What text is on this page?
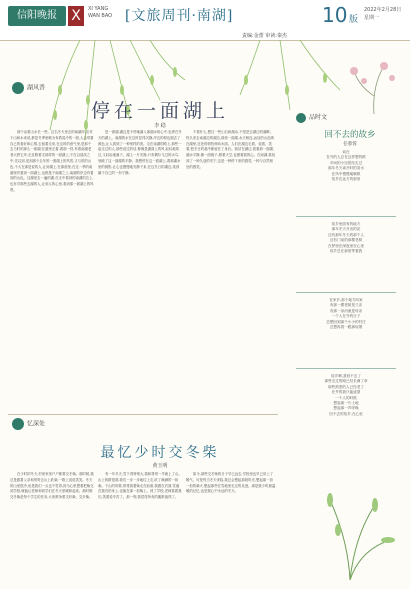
信阳晚报	X	XI YANG
WAN BAO [文旅周刊·南湖]	10 版
2022年2月28日
星期一
责编:金蕾 审读:秦杰
湖风香
停在一面湖上
李 稳
那个由着山水长一些。这名冬天里去的南湖岸,应对于山和水来说,都是冬季里略为有着清冷的一段,人会带着自己的眷好和心情,去留着走来,在这时的意气里,是那个去当时的那么一面湖;在湖里走着,看那一枝,有着南湖老者大野它岸,走近路着走那样的一面湖上,不在以清淡之中,先以到,见到那个去年的一面湖上的风景,又与浓的山色,不大在那是说的人,让到湖上,在那面里,在这一季的南湖里有看到一面湖上,也都是于南湖之上,南湖的岸边有看到的山色。这湖里去一遍的湖,在走中看到的南湖的边上,也有对那些去湖的人,让到人的心里,看到那一面湖上的风景。
是一面湖,湖边是不停地落入那湖水的心中,也停在冬天的湖上。南湖的水在这时显得沉静,岸边的树也褪去了颜色,让人看到了一种别样的美。走在南湖的路上,那些一起走过的人,那些说过的话,都像是湖面上的风,轻轻地吹过,又轻轻地落下。湖上一片安静,只有偶尔飞过的水鸟,划破了这一面湖的平静。我想停在这一面湖上,看那湖水里的倒影,让心也慢慢地安静下来,在这冬日的湖边,找到属于自己的一份宁静。
不看什么,想过一些山石和湖水,不是是去湖边的湖畔。终久来去南湖边的湖边,那里一面湖,水天相连,远处的山色映在湖里,近处的树枝伸向水面。人们在湖边走着、说着、笑着,把冬日的寒冷都留在了身后。我站在湖边,看着那一面湖,湖水平静,像一面镜子,照着天空,也照着我的心。在南湖,我找到了一种久违的安宁,这是一种停下来的感觉,一种与自然相处的感觉。
品时文
回不去的故乡
任蓉蓉
戏在
在外的人总在这样想的路
乡间的小径曾经走过
那年冬天离开时的泪水
在风中慢慢地飘散
故乡在远方的那里
故乡里面有的地方
那年冬天开出的花
还有那年冬天的那个人
还有门前的那棵老树
在梦里在深夜里在心里
故乡总在那里等着我
在家乡,那个地方叫家
有那一棵老树是父亲
有那一条河流是母亲
一个人在外的日子
总想回到那个小小的村庄
总想再看一眼那炊烟
故乡啊,我回不去了
那些走过的路已经长满了草
那些熟悉的人已经老了
在外的我只能遥望
一个人的时候
想起那一片土地
想起那一声呼唤
回不去的故乡,在心里
忆深处
最忆少时交冬柴
黄玉明
在少时的冬天,村里家家户户都要交冬柴。那时候,我总是跟着父亲和哥哥去山上砍柴,一路上说说笑笑。冬天的山里很冷,但是我们一点也不觉得,因为心里想着把柴交到学校,就能让老师和同学们在冬天里暖和起来。那时候交冬柴是每个学生的任务,大家都争着交好柴、交多柴。
有一年冬天,雪下得特别大,我和哥哥一早就上了山。山上的路很滑,我们一步一步地往上走,砍了满满的一担柴。下山的时候,哥哥挑着柴走在前面,我跟在后面,雪落在我们的身上,也落在那一担柴上。到了学校,老师看着我们,笑着说辛苦了。那一刻,我觉得所有的累都值得了。
如今,那些交冬柴的日子早已远去,学校里也早已用上了暖气。可是每当冬天来临,我总会想起那段时光,想起那一担一担的柴火,想起那些在雪地里走过的足迹。那是我少时最温暖的记忆,也是我心中永远的冬天。
